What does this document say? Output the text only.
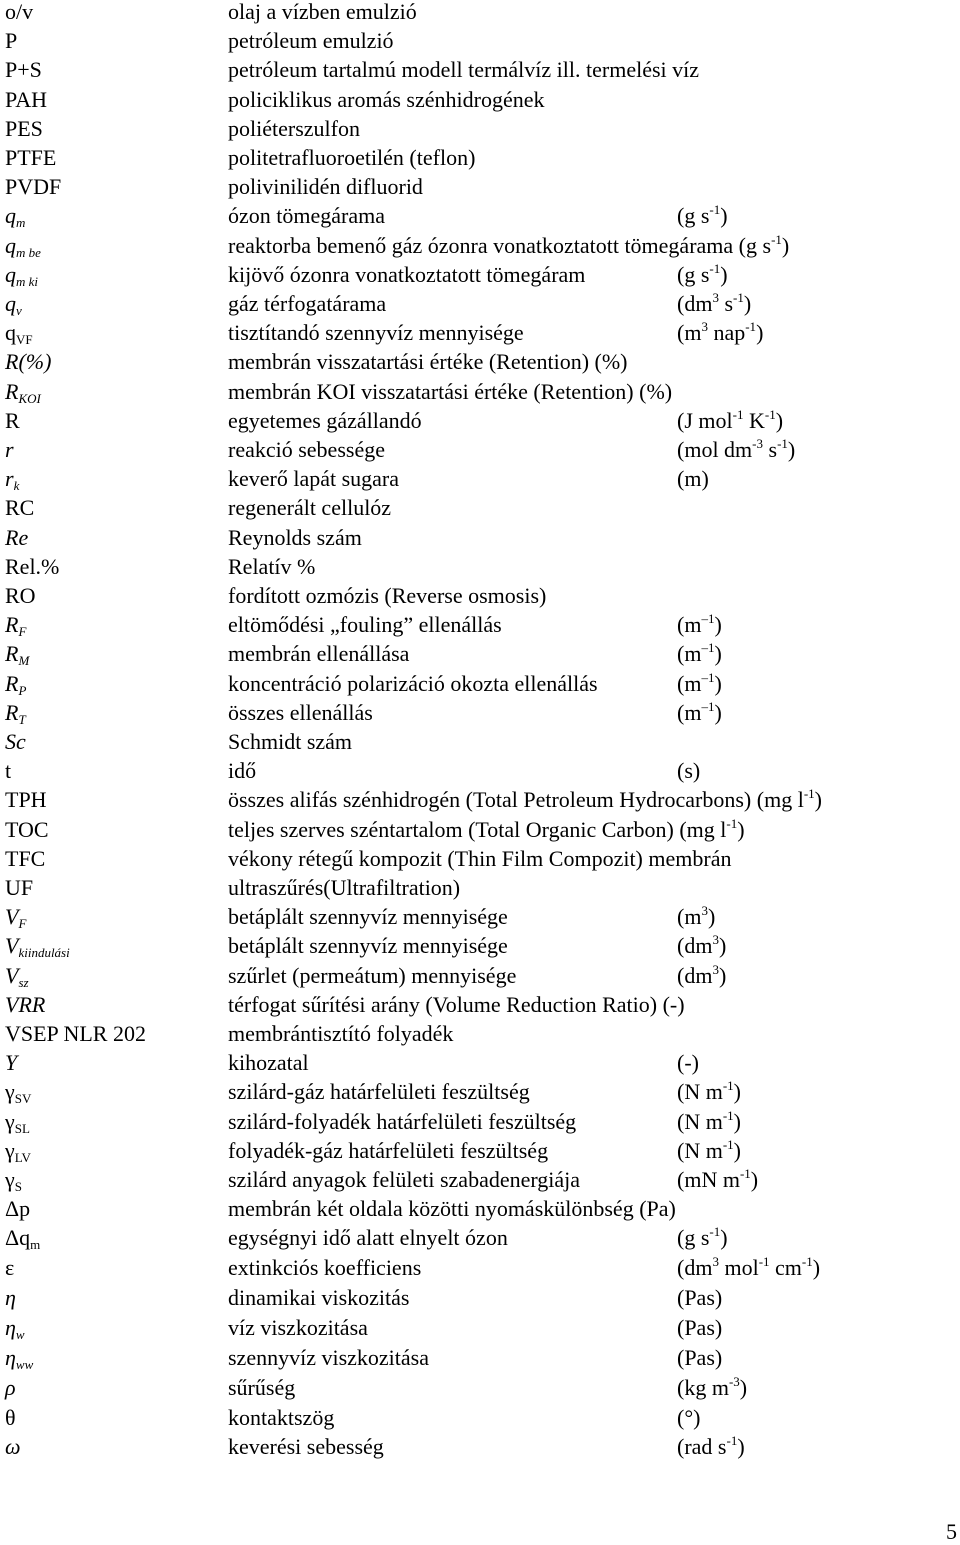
o/v	olaj a vízben emulzió
P	petróleum emulzió
P+S	petróleum tartalmú modell termálvíz ill. termelési víz
PAH	policiklikus aromás szénhidrogének
PES	poliéterszulfon
PTFE	politetrafluoroetilén (teflon)
PVDF	polivinilidén difluorid
$q_m$	ózon tömegárama	(g $s^{-1}$)
$q_{m be}$	reaktorba bemenő gáz ózonra vonatkoztatott tömegárama (g $s^{-1}$)
$q_{m ki}$	kijövő ózonra vonatkoztatott tömegáram	(g $s^{-1}$)
$q_v$	gáz térfogatárama	($dm^3$ $s^{-1}$)
$q_{VF}$	tisztítandó szennyvíz mennyisége	($m^3$ nap$^{-1}$)
R(%)	membrán visszatartási értéke (Retention) (%)
$R_{KOI}$	membrán KOI visszatartási értéke (Retention) (%)
R	egyetemes gázállandó	(J mol$^{-1}$ $K^{-1}$)
r	reakció sebessége	(mol $dm^{-3}$ $s^{-1}$)
$r_k$	keverő lapát sugara	(m)
RC	regenerált cellulóz
Re	Reynolds szám
Rel.%	Relatív %
RO	fordított ozmózis (Reverse osmosis)
$R_F$	eltömődési „fouling” ellenállás	$(m^{-1})$
$R_M$	membrán ellenállása	$(m^{-1})$
$R_P$	koncentráció polarizáció okozta ellenállás	$(m^{-1})$
$R_T$	összes ellenállás	$(m^{-1})$
Sc	Schmidt szám
t	idő	(s)
TPH	összes alifás szénhidrogén (Total Petroleum Hydrocarbons) (mg $l^{-1}$)
TOC	teljes szerves széntartalom (Total Organic Carbon) (mg $l^{-1}$)
TFC	vékony rétegű kompozit (Thin Film Compozit) membrán
UF	ultraszűrés(Ultrafiltration)
$V_F$	betáplált szennyvíz mennyisége	$(m^3)$
$V_{kiindulási}$	betáplált szennyvíz mennyisége	$(dm^3)$
$V_{sz}$	szűrlet (permeátum) mennyisége	$(dm^3)$
VRR	térfogat sűrítési arány (Volume Reduction Ratio) (-)
VSEP NLR 202	membrántisztító folyadék
Y	kihozatal	(-)
$\gamma_{SV}$	szilárd-gáz határfelületi feszültség	(N $m^{-1}$)
$\gamma_{SL}$	szilárd-folyadék határfelületi feszültség	(N $m^{-1}$)
$\gamma_{LV}$	folyadék-gáz határfelületi feszültség	(N $m^{-1}$)
$\gamma_S$	szilárd anyagok felületi szabadenergiája	(mN $m^{-1}$)
Δp	membrán két oldala közötti nyomáskülönbség (Pa)
$\Delta q_m$	egységnyi idő alatt elnyelt ózon	(g $s^{-1}$)
ε	extinkciós koefficiens	($dm^3$ mol$^{-1}$ $cm^{-1}$)
η	dinamikai viskozitás	(Pas)
$\eta_w$	víz viszkozitása	(Pas)
$\eta_{ww}$	szennyvíz viszkozitása	(Pas)
ρ	sűrűség	(kg $m^{-3}$)
θ	kontaktszög	(°)
ω	keverési sebesség	(rad $s^{-1}$)
5
